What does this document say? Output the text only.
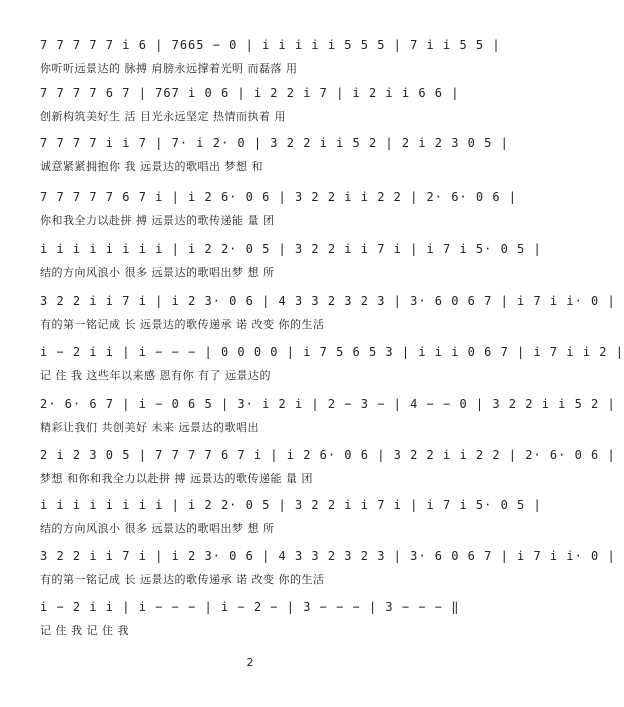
7 7 7 7 7 i 6 | 7665 − 0 | i i i i i 5 5 5 | 7 i i 5 5 |
你听听远景达的 脉搏 肩膀永远撑着光明 而磊落 用
7 7 7 7 6 7 | 767 i 0 6 | i 2 2 i 7 | i 2 i i 6 6 |
创新构筑美好生 活 目光永远坚定 热情而执着 用
7 7 7 7 i i 7 | 7· i 2· 0 | 3 2 2 i i 5 2 | 2 i 2 3 0 5 |
诚意紧紧拥抱你 我 远景达的歌唱出 梦想 和
7 7 7 7 7 6 7 i | i 2 6· 0 6 | 3 2 2 i i 2 2 | 2· 6· 0 6 |
你和我全力以赴拼 搏 远景达的歌传递能 量 团
i i i i i i i i | i 2 2· 0 5 | 3 2 2 i i 7 i | i 7 i 5· 0 5 |
结的方向风浪小 很多 远景达的歌唱出梦 想 所
3 2 2 i i 7 i | i 2 3· 0 6 | 4 3 3 2 3 2 3 | 3· 6 0 6 7 | i 7 i i· 0 |
有的第一铭记成 长 远景达的歌传递承 诺 改变 你的生活
i − 2 i i | i − − − | 0 0 0 0 | i 7 5 6 5 3 | i i i 0 6 7 | i 7 i i 2 |
记 住 我 这些年以来感 恩有你 有了 远景达的
2· 6· 6 7 | i − 0 6 5 | 3· i 2 i | 2 − 3 − | 4 − − 0 | 3 2 2 i i 5 2 |
精彩让我们 共创美好 未来 远景达的歌唱出
2 i 2 3 0 5 | 7 7 7 7 6 7 i | i 2 6· 0 6 | 3 2 2 i i 2 2 | 2· 6· 0 6 |
梦想 和你和我全力以赴拼 搏 远景达的歌传递能 量 团
i i i i i i i i | i 2 2· 0 5 | 3 2 2 i i 7 i | i 7 i 5· 0 5 |
结的方向风浪小 很多 远景达的歌唱出梦 想 所
3 2 2 i i 7 i | i 2 3· 0 6 | 4 3 3 2 3 2 3 | 3· 6 0 6 7 | i 7 i i· 0 |
有的第一铭记成 长 远景达的歌传递承 诺 改变 你的生活
i − 2 i i | i − − − | i − 2 − | 3 − − − | 3 − − − ‖
记 住 我 记 住 我
2
